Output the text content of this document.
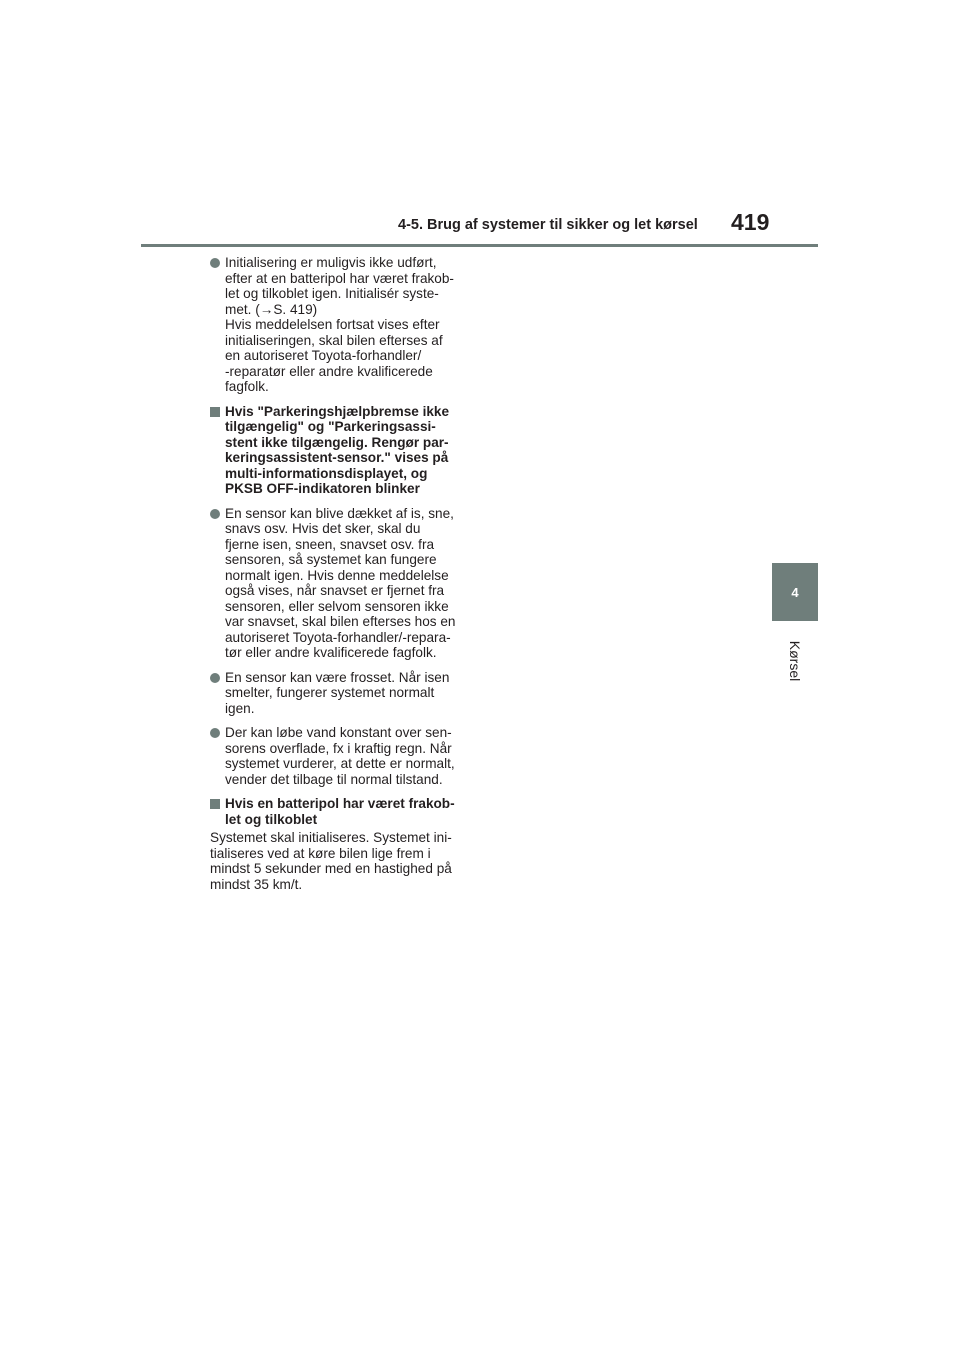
4-5. Brug af systemer til sikker og let kørsel 419
4
Kørsel
Initialisering er muligvis ikke udført,
efter at en batteripol har været frakob-
let og tilkoblet igen. Initialisér syste-
met. (→S. 419)
Hvis meddelelsen fortsat vises efter
initialiseringen, skal bilen efterses af
en autoriseret Toyota-forhandler/
-reparatør eller andre kvalificerede
fagfolk.
Hvis "Parkeringshjælpbremse ikke
tilgængelig" og "Parkeringsassi-
stent ikke tilgængelig. Rengør par-
keringsassistent-sensor." vises på
multi-informationsdisplayet, og
PKSB OFF-indikatoren blinker
En sensor kan blive dækket af is, sne,
snavs osv. Hvis det sker, skal du
fjerne isen, sneen, snavset osv. fra
sensoren, så systemet kan fungere
normalt igen. Hvis denne meddelelse
også vises, når snavset er fjernet fra
sensoren, eller selvom sensoren ikke
var snavset, skal bilen efterses hos en
autoriseret Toyota-forhandler/-repara-
tør eller andre kvalificerede fagfolk.
En sensor kan være frosset. Når isen
smelter, fungerer systemet normalt
igen.
Der kan løbe vand konstant over sen-
sorens overflade, fx i kraftig regn. Når
systemet vurderer, at dette er normalt,
vender det tilbage til normal tilstand.
Hvis en batteripol har været frakob-
let og tilkoblet
Systemet skal initialiseres. Systemet ini-
tialiseres ved at køre bilen lige frem i
mindst 5 sekunder med en hastighed på
mindst 35 km/t.
